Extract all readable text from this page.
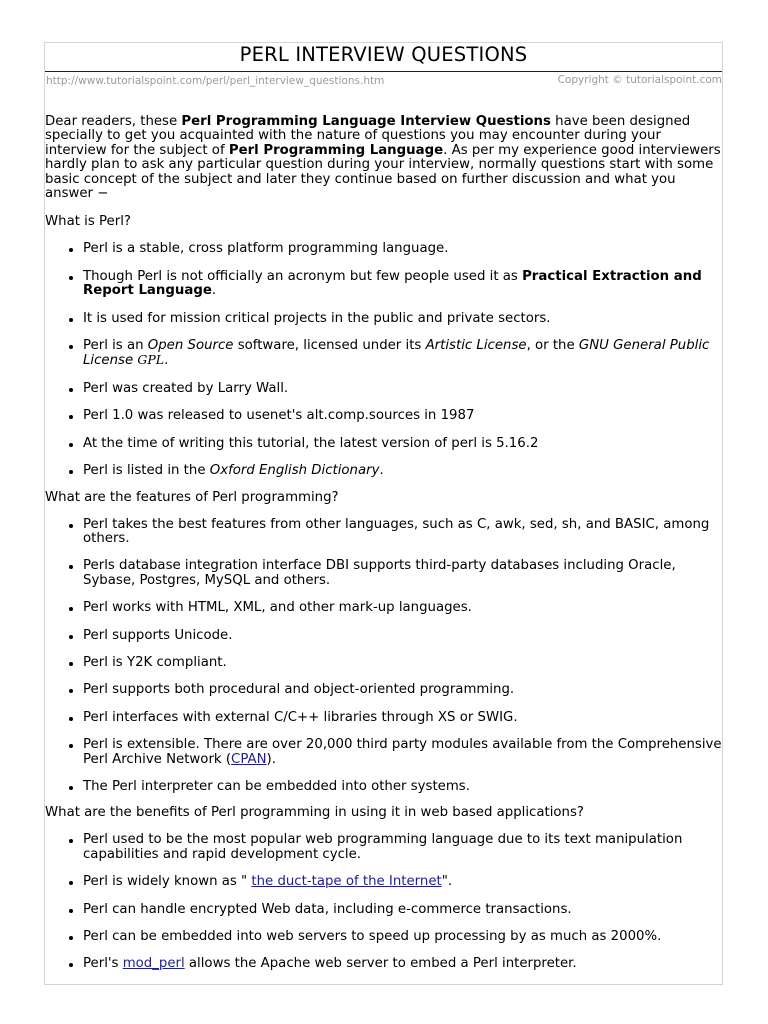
PERL INTERVIEW QUESTIONS
http://www.tutorialspoint.com/perl/perl_interview_questions.htm	Copyright © tutorialspoint.com

Dear readers, these Perl Programming Language Interview Questions have been designed specially to get you acquainted with the nature of questions you may encounter during your interview for the subject of Perl Programming Language. As per my experience good interviewers hardly plan to ask any particular question during your interview, normally questions start with some basic concept of the subject and later they continue based on further discussion and what you answer −

What is Perl?
Perl is a stable, cross platform programming language.
Though Perl is not officially an acronym but few people used it as Practical Extraction and Report Language.
It is used for mission critical projects in the public and private sectors.
Perl is an Open Source software, licensed under its Artistic License, or the GNU General Public License GPL.
Perl was created by Larry Wall.
Perl 1.0 was released to usenet's alt.comp.sources in 1987
At the time of writing this tutorial, the latest version of perl is 5.16.2
Perl is listed in the Oxford English Dictionary.
What are the features of Perl programming?
Perl takes the best features from other languages, such as C, awk, sed, sh, and BASIC, among others.
Perls database integration interface DBI supports third-party databases including Oracle, Sybase, Postgres, MySQL and others.
Perl works with HTML, XML, and other mark-up languages.
Perl supports Unicode.
Perl is Y2K compliant.
Perl supports both procedural and object-oriented programming.
Perl interfaces with external C/C++ libraries through XS or SWIG.
Perl is extensible. There are over 20,000 third party modules available from the Comprehensive Perl Archive Network (CPAN).
The Perl interpreter can be embedded into other systems.
What are the benefits of Perl programming in using it in web based applications?
Perl used to be the most popular web programming language due to its text manipulation capabilities and rapid development cycle.
Perl is widely known as " the duct-tape of the Internet".
Perl can handle encrypted Web data, including e-commerce transactions.
Perl can be embedded into web servers to speed up processing by as much as 2000%.
Perl's mod_perl allows the Apache web server to embed a Perl interpreter.
